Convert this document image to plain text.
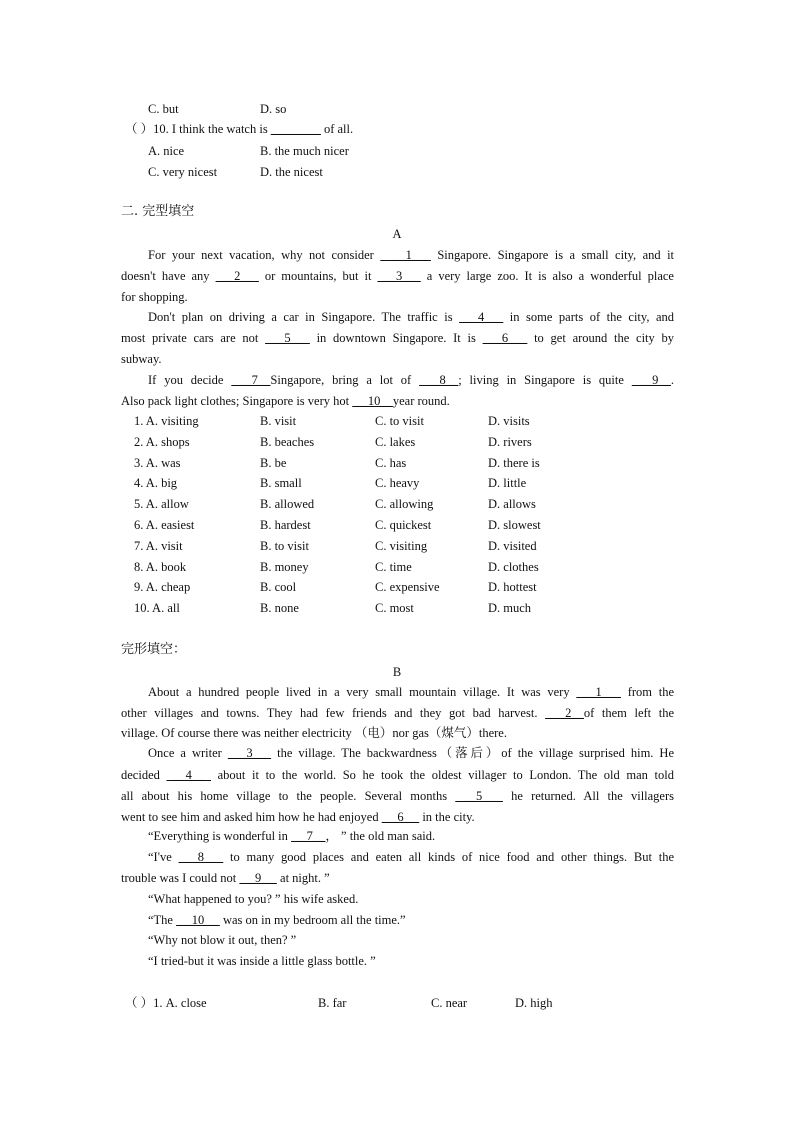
C. but	D. so
（ ）10. I think the watch is ________ of all.
A. nice	B. the much nicer
C. very nicest	D. the nicest
二. 完型填空
A
For your next vacation, why not consider   __1__  Singapore. Singapore is a small city, and it
doesn't have any  __2__  or mountains, but it  __3__  a very large zoo. It is also a wonderful place
for shopping.
Don't plan on driving a car in Singapore. The traffic is  __4__  in some parts of the city, and
most private cars are not  __5__  in downtown Singapore. It is  __6__  to get around the city by
subway.
If you decide  __7__Singapore, bring a lot of  __8__; living in Singapore is quite  __9__.
Also pack light clothes; Singapore is very hot  __10__year round.
1. A. visiting	B. visit	C. to visit	D. visits
2. A. shops	B. beaches	C. lakes	D. rivers
3. A. was	B. be	C. has	D. there is
4. A. big	B. small	C. heavy	D. little
5. A. allow	B. allowed	C. allowing	D. allows
6. A. easiest	B. hardest	C. quickest	D. slowest
7. A. visit	B. to visit	C. visiting	D. visited
8. A. book	B. money	C. time	D. clothes
9. A. cheap	B. cool	C. expensive	D. hottest
10. A. all	B. none	C. most	D. much
完形填空：
B
About a hundred people lived in a very small mountain village. It was very  __1__  from the
other villages and towns. They had few friends and they got bad harvest.  __2__of them left the
village. Of course there was neither electricity （电）nor gas（煤气）there.
Once a writer  __3__  the village. The backwardness（落后）of the village surprised him. He
decided  __4__  about it to the world. So he took the oldest villager to London. The old man told
all about his home village to the people. Several months  __5__  he returned. All the villagers
went to see him and asked him how he had enjoyed  __6__  in the city.
“Everything is wonderful in  __7__， ” the old man said.
“I've  __8__  to many good places and eaten all kinds of nice food and other things. But the
trouble was I could not  __9__  at night. ”
“What happened to you? ” his wife asked.
“The  __10__  was on in my bedroom all the time.”
“Why not blow it out, then? ”
“I tried-but it was inside a little glass bottle. ”
（ ）1. A. close	B. far	C. near	D. high
